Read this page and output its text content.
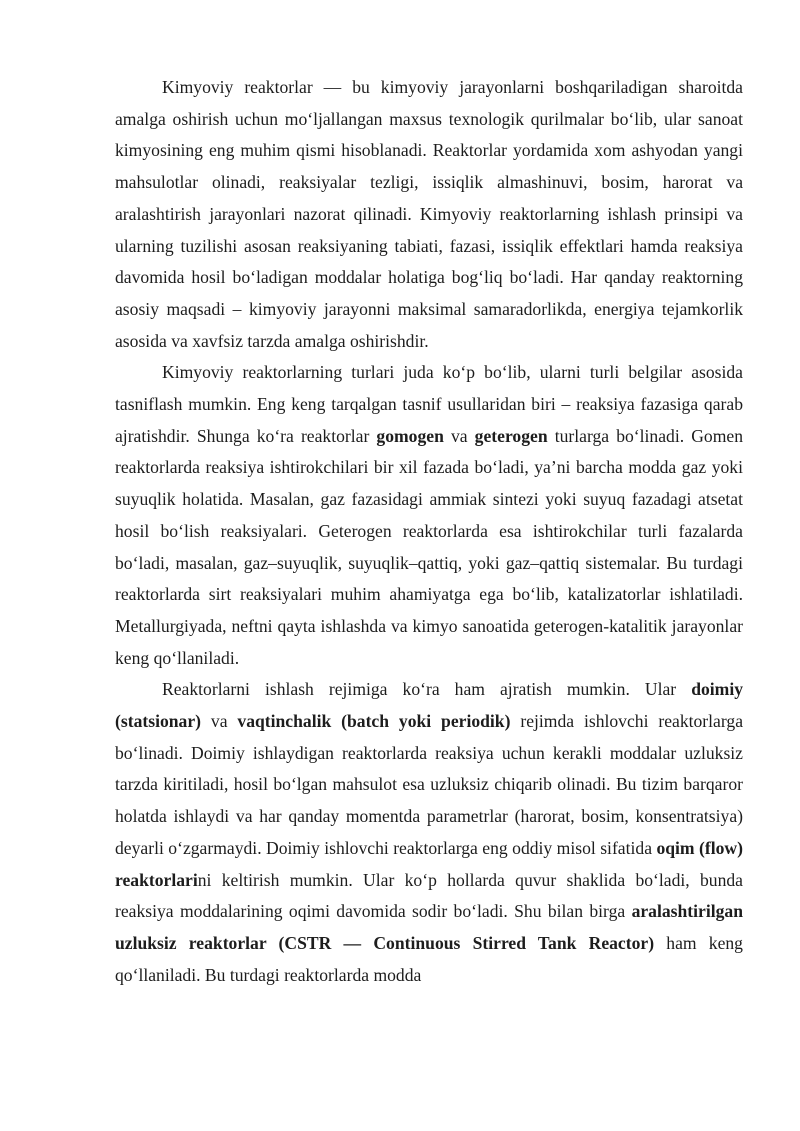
Kimyoviy reaktorlar — bu kimyoviy jarayonlarni boshqariladigan sharoitda amalga oshirish uchun mo‘ljallangan maxsus texnologik qurilmalar bo‘lib, ular sanoat kimyosining eng muhim qismi hisoblanadi. Reaktorlar yordamida xom ashyodan yangi mahsulotlar olinadi, reaksiyalar tezligi, issiqlik almashinuvi, bosim, harorat va aralashtirish jarayonlari nazorat qilinadi. Kimyoviy reaktorlarning ishlash prinsipi va ularning tuzilishi asosan reaksiyaning tabiati, fazasi, issiqlik effektlari hamda reaksiya davomida hosil bo‘ladigan moddalar holatiga bog‘liq bo‘ladi. Har qanday reaktorning asosiy maqsadi – kimyoviy jarayonni maksimal samaradorlikda, energiya tejamkorlik asosida va xavfsiz tarzda amalga oshirishdir.

Kimyoviy reaktorlarning turlari juda ko‘p bo‘lib, ularni turli belgilar asosida tasniflash mumkin. Eng keng tarqalgan tasnif usullaridan biri – reaksiya fazasiga qarab ajratishdir. Shunga ko‘ra reaktorlar gomogen va geterogen turlarga bo‘linadi. Gomen reaktorlarda reaksiya ishtirokchilari bir xil fazada bo‘ladi, ya’ni barcha modda gaz yoki suyuqlik holatida. Masalan, gaz fazasidagi ammiak sintezi yoki suyuq fazadagi atsetat hosil bo‘lish reaksiyalari. Geterogen reaktorlarda esa ishtirokchilar turli fazalarda bo‘ladi, masalan, gaz–suyuqlik, suyuqlik–qattiq, yoki gaz–qattiq sistemalar. Bu turdagi reaktorlarda sirt reaksiyalari muhim ahamiyatga ega bo‘lib, katalizatorlar ishlatiladi. Metallurgiyada, neftni qayta ishlashda va kimyo sanoatida geterogen-katalitik jarayonlar keng qo‘llaniladi.

Reaktorlarni ishlash rejimiga ko‘ra ham ajratish mumkin. Ular doimiy (statsionar) va vaqtinchalik (batch yoki periodik) rejimda ishlovchi reaktorlarga bo‘linadi. Doimiy ishlaydigan reaktorlarda reaksiya uchun kerakli moddalar uzluksiz tarzda kiritiladi, hosil bo‘lgan mahsulot esa uzluksiz chiqarib olinadi. Bu tizim barqaror holatda ishlaydi va har qanday momentda parametrlar (harorat, bosim, konsentratsiya) deyarli o‘zgarmaydi. Doimiy ishlovchi reaktorlarga eng oddiy misol sifatida oqim (flow) reaktorlarini keltirish mumkin. Ular ko‘p hollarda quvur shaklida bo‘ladi, bunda reaksiya moddalarining oqimi davomida sodir bo‘ladi. Shu bilan birga aralashtirilgan uzluksiz reaktorlar (CSTR — Continuous Stirred Tank Reactor) ham keng qo‘llaniladi. Bu turdagi reaktorlarda modda
